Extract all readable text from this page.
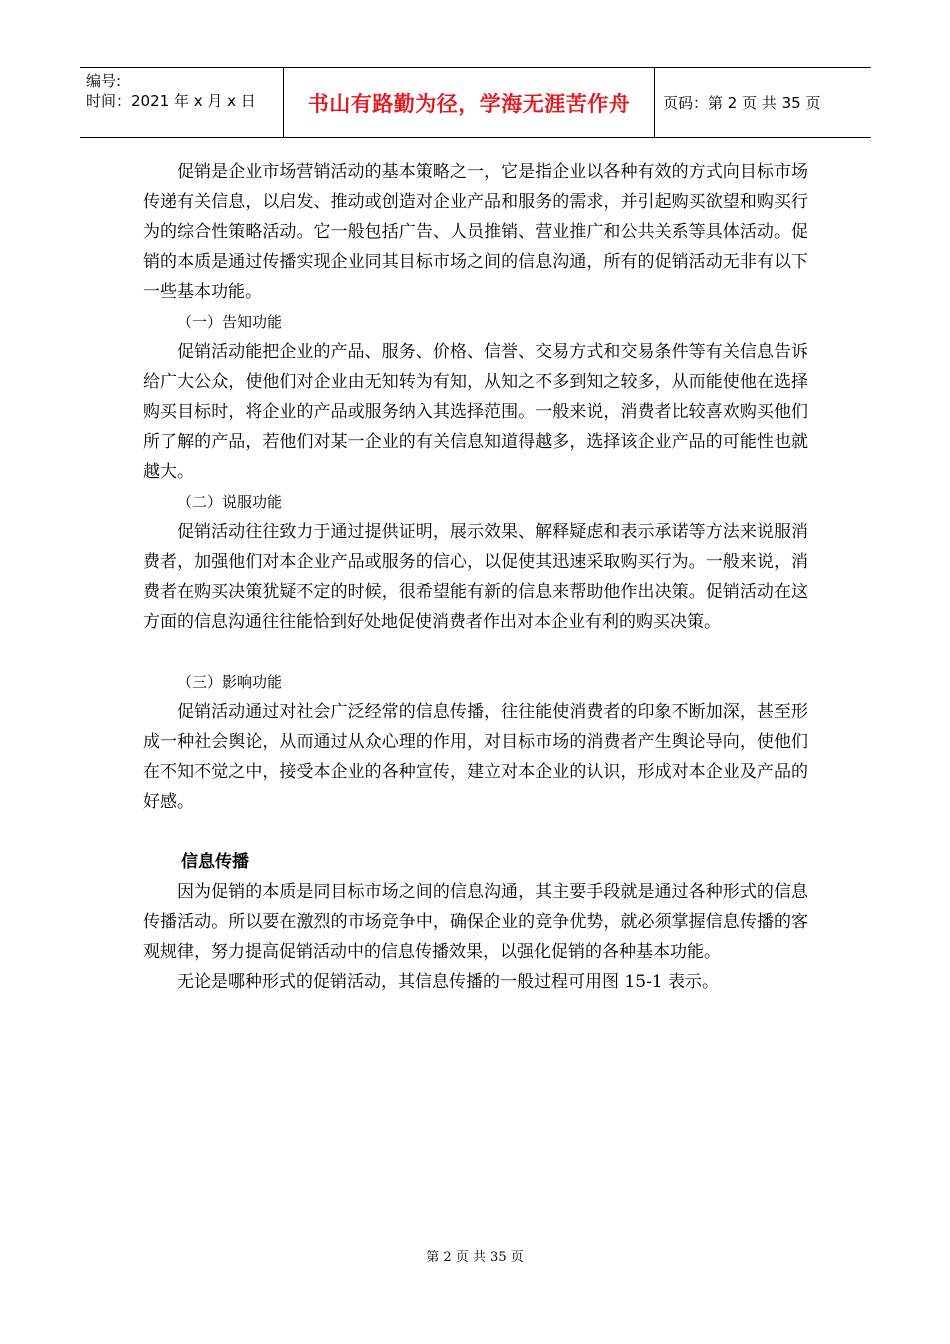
编号:
时间：2021 年 x 月 x 日	书山有路勤为径，学海无涯苦作舟	页码：第 2 页 共 35 页

促销是企业市场营销活动的基本策略之一，它是指企业以各种有效的方式向目标市场传递有关信息，以启发、推动或创造对企业产品和服务的需求，并引起购买欲望和购买行为的综合性策略活动。它一般包括广告、人员推销、营业推广和公共关系等具体活动。促销的本质是通过传播实现企业同其目标市场之间的信息沟通，所有的促销活动无非有以下一些基本功能。

（一）告知功能

促销活动能把企业的产品、服务、价格、信誉、交易方式和交易条件等有关信息告诉给广大公众，使他们对企业由无知转为有知，从知之不多到知之较多，从而能使他在选择购买目标时，将企业的产品或服务纳入其选择范围。一般来说，消费者比较喜欢购买他们所了解的产品，若他们对某一企业的有关信息知道得越多，选择该企业产品的可能性也就越大。

（二）说服功能

促销活动往往致力于通过提供证明，展示效果、解释疑虑和表示承诺等方法来说服消费者，加强他们对本企业产品或服务的信心，以促使其迅速采取购买行为。一般来说，消费者在购买决策犹疑不定的时候，很希望能有新的信息来帮助他作出决策。促销活动在这方面的信息沟通往往能恰到好处地促使消费者作出对本企业有利的购买决策。

（三）影响功能

促销活动通过对社会广泛经常的信息传播，往往能使消费者的印象不断加深，甚至形成一种社会舆论，从而通过从众心理的作用，对目标市场的消费者产生舆论导向，使他们在不知不觉之中，接受本企业的各种宣传，建立对本企业的认识，形成对本企业及产品的好感。

信息传播

因为促销的本质是同目标市场之间的信息沟通，其主要手段就是通过各种形式的信息传播活动。所以要在激烈的市场竞争中，确保企业的竞争优势，就必须掌握信息传播的客观规律，努力提高促销活动中的信息传播效果，以强化促销的各种基本功能。

无论是哪种形式的促销活动，其信息传播的一般过程可用图 15-1 表示。

第 2 页 共 35 页
